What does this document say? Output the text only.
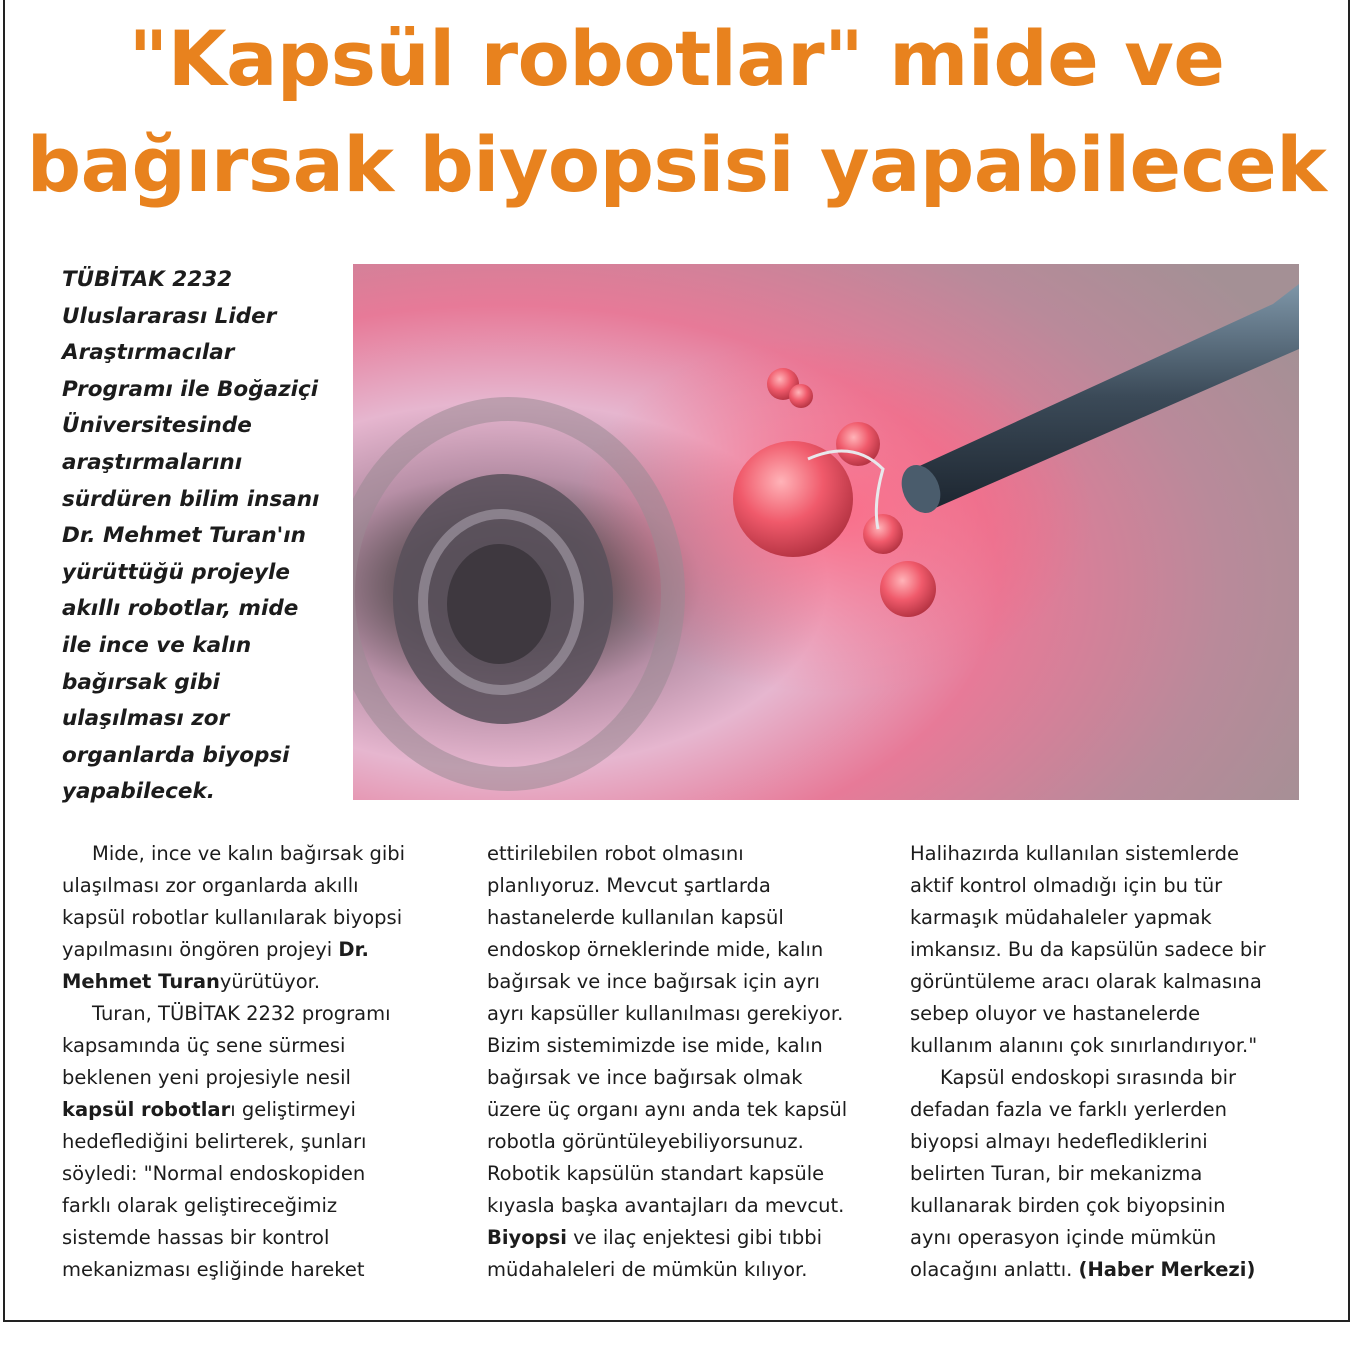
"Kapsül robotlar" mide ve
bağırsak biyopsisi yapabilecek
TÜBİTAK 2232
Uluslararası Lider
Araştırmacılar
Programı ile Boğaziçi
Üniversitesinde
araştırmalarını
sürdüren bilim insanı
Dr. Mehmet Turan'ın
yürüttüğü projeyle
akıllı robotlar, mide
ile ince ve kalın
bağırsak gibi
ulaşılması zor
organlarda biyopsi
yapabilecek.
Mide, ince ve kalın bağırsak gibi
ulaşılması zor organlarda akıllı
kapsül robotlar kullanılarak biyopsi
yapılmasını öngören projeyi Dr.
Mehmet Turanyürütüyor.
Turan, TÜBİTAK 2232 programı
kapsamında üç sene sürmesi
beklenen yeni projesiyle nesil
kapsül robotları geliştirmeyi
hedeflediğini belirterek, şunları
söyledi: "Normal endoskopiden
farklı olarak geliştireceğimiz
sistemde hassas bir kontrol
mekanizması eşliğinde hareket
ettirilebilen robot olmasını
planlıyoruz. Mevcut şartlarda
hastanelerde kullanılan kapsül
endoskop örneklerinde mide, kalın
bağırsak ve ince bağırsak için ayrı
ayrı kapsüller kullanılması gerekiyor.
Bizim sistemimizde ise mide, kalın
bağırsak ve ince bağırsak olmak
üzere üç organı aynı anda tek kapsül
robotla görüntüleyebiliyorsunuz.
Robotik kapsülün standart kapsüle
kıyasla başka avantajları da mevcut.
Biyopsi ve ilaç enjektesi gibi tıbbi
müdahaleleri de mümkün kılıyor.
Halihazırda kullanılan sistemlerde
aktif kontrol olmadığı için bu tür
karmaşık müdahaleler yapmak
imkansız. Bu da kapsülün sadece bir
görüntüleme aracı olarak kalmasına
sebep oluyor ve hastanelerde
kullanım alanını çok sınırlandırıyor."
Kapsül endoskopi sırasında bir
defadan fazla ve farklı yerlerden
biyopsi almayı hedeflediklerini
belirten Turan, bir mekanizma
kullanarak birden çok biyopsinin
aynı operasyon içinde mümkün
olacağını anlattı. (Haber Merkezi)
